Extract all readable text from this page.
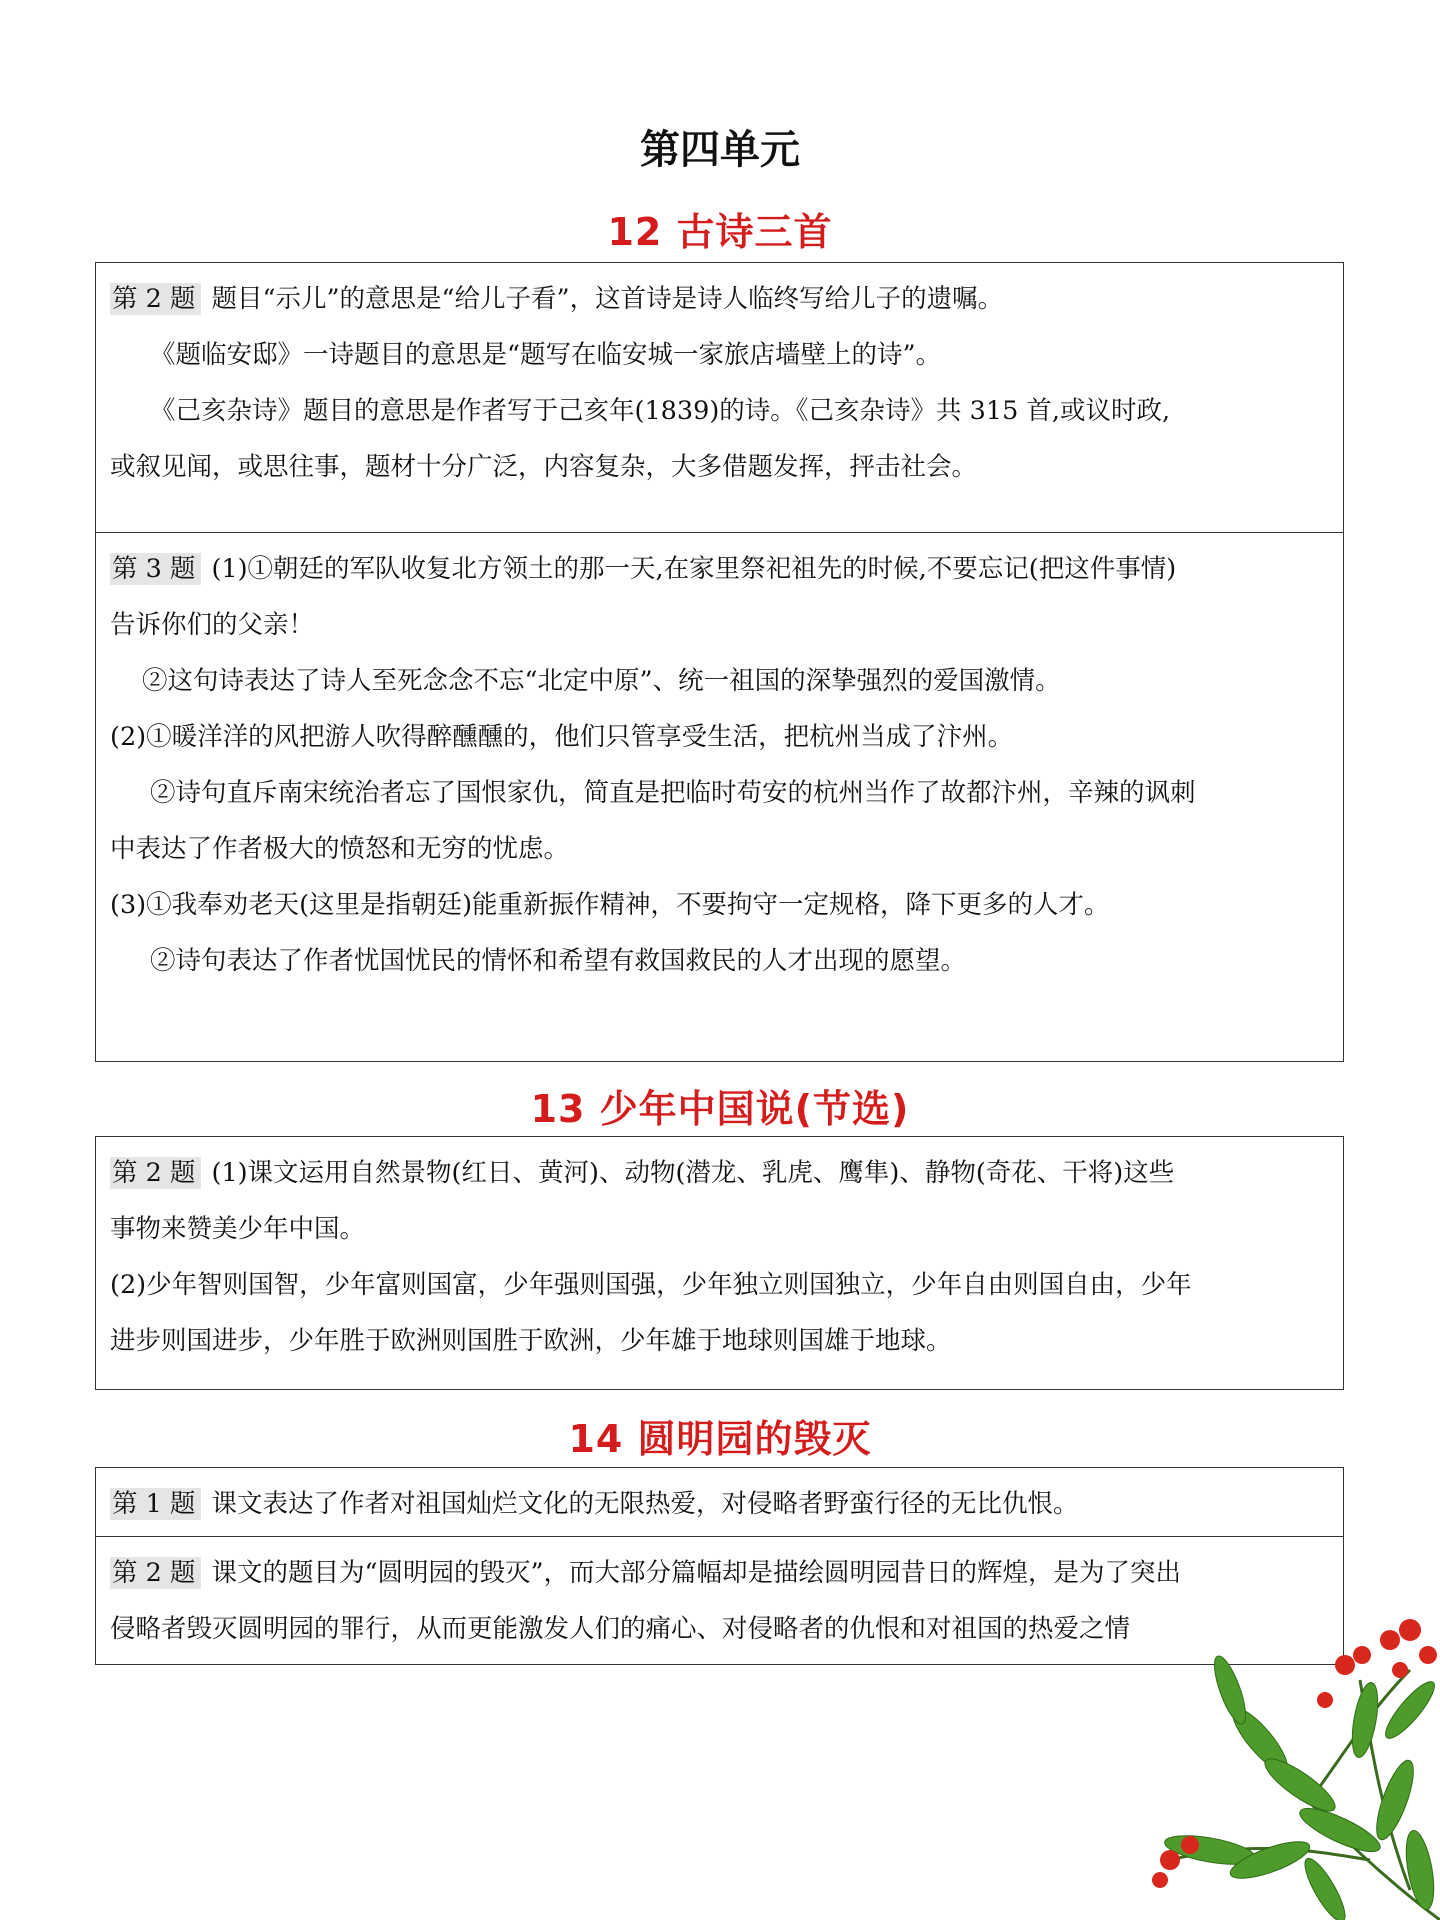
第四单元
12 古诗三首

第 2 题 题目“示儿”的意思是“给儿子看”，这首诗是诗人临终写给儿子的遗嘱。

《题临安邸》一诗题目的意思是“题写在临安城一家旅店墙壁上的诗”。

《己亥杂诗》题目的意思是作者写于己亥年(1839)的诗。《己亥杂诗》共 315 首,或议时政,

或叙见闻，或思往事，题材十分广泛，内容复杂，大多借题发挥，抨击社会。

第 3 题 (1)①朝廷的军队收复北方领土的那一天,在家里祭祀祖先的时候,不要忘记(把这件事情)

告诉你们的父亲！

②这句诗表达了诗人至死念念不忘“北定中原”、统一祖国的深挚强烈的爱国激情。

(2)①暖洋洋的风把游人吹得醉醺醺的，他们只管享受生活，把杭州当成了汴州。

②诗句直斥南宋统治者忘了国恨家仇，简直是把临时苟安的杭州当作了故都汴州，辛辣的讽刺

中表达了作者极大的愤怒和无穷的忧虑。

(3)①我奉劝老天(这里是指朝廷)能重新振作精神，不要拘守一定规格，降下更多的人才。

②诗句表达了作者忧国忧民的情怀和希望有救国救民的人才出现的愿望。

13 少年中国说(节选)

第 2 题 (1)课文运用自然景物(红日、黄河)、动物(潜龙、乳虎、鹰隼)、静物(奇花、干将)这些

事物来赞美少年中国。

(2)少年智则国智，少年富则国富，少年强则国强，少年独立则国独立，少年自由则国自由，少年

进步则国进步，少年胜于欧洲则国胜于欧洲，少年雄于地球则国雄于地球。

14 圆明园的毁灭

第 1 题 课文表达了作者对祖国灿烂文化的无限热爱，对侵略者野蛮行径的无比仇恨。

第 2 题 课文的题目为“圆明园的毁灭”，而大部分篇幅却是描绘圆明园昔日的辉煌，是为了突出

侵略者毁灭圆明园的罪行，从而更能激发人们的痛心、对侵略者的仇恨和对祖国的热爱之情
